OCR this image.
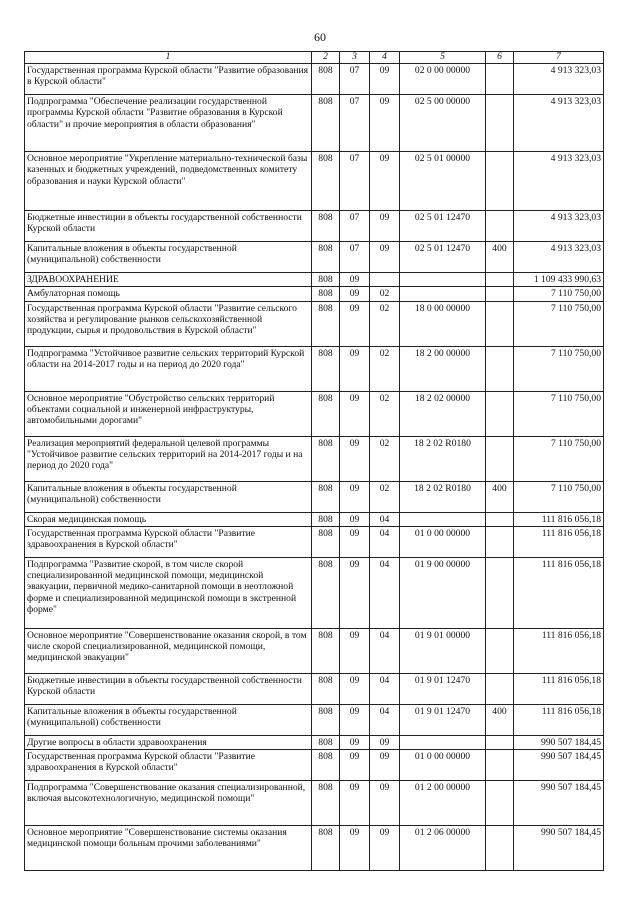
60
1	2	3	4	5	6	7
Государственная программа Курской области "Развитие образования в Курской области"	808	07	09	02 0 00 00000		4 913 323,03
Подпрограмма "Обеспечение реализации государственной программы Курской области "Развитие образования в Курской области" и прочие мероприятия в области образования"	808	07	09	02 5 00 00000		4 913 323,03
Основное мероприятие "Укрепление материально-технической базы казенных и бюджетных учреждений, подведомственных комитету образования и науки Курской области"	808	07	09	02 5 01 00000		4 913 323,03
Бюджетные инвестиции в объекты государственной собственности Курской области	808	07	09	02 5 01 12470		4 913 323,03
Капитальные вложения в объекты государственной (муниципальной) собственности	808	07	09	02 5 01 12470	400	4 913 323,03
ЗДРАВООХРАНЕНИЕ	808	09				1 109 433 990,63
Амбулаторная помощь	808	09	02			7 110 750,00
Государственная программа Курской области "Развитие сельского хозяйства и регулирование рынков сельскохозяйственной продукции, сырья и продовольствия в Курской области"	808	09	02	18 0 00 00000		7 110 750,00
Подпрограмма "Устойчивое развитие сельских территорий Курской области на 2014-2017 годы и на период до 2020 года"	808	09	02	18 2 00 00000		7 110 750,00
Основное мероприятие "Обустройство сельских территорий объектами социальной и инженерной инфраструктуры, автомобильными дорогами"	808	09	02	18 2 02 00000		7 110 750,00
Реализация мероприятий федеральной целевой программы "Устойчивое развитие сельских территорий на 2014-2017 годы и на период до 2020 года"	808	09	02	18 2 02 R0180		7 110 750,00
Капитальные вложения в объекты государственной (муниципальной) собственности	808	09	02	18 2 02 R0180	400	7 110 750,00
Скорая медицинская помощь	808	09	04			111 816 056,18
Государственная программа Курской области "Развитие здравоохранения в Курской области"	808	09	04	01 0 00 00000		111 816 056,18
Подпрограмма "Развитие скорой, в том числе скорой специализированной медицинской помощи, медицинской эвакуации, первичной медико-санитарной помощи в неотложной форме и специализированной медицинской помощи в экстренной форме"	808	09	04	01 9 00 00000		111 816 056,18
Основное мероприятие "Совершенствование оказания скорой, в том числе скорой специализированной, медицинской помощи, медицинской эвакуации"	808	09	04	01 9 01 00000		111 816 056,18
Бюджетные инвестиции в объекты государственной собственности Курской области	808	09	04	01 9 01 12470		111 816 056,18
Капитальные вложения в объекты государственной (муниципальной) собственности	808	09	04	01 9 01 12470	400	111 816 056,18
Другие вопросы в области здравоохранения	808	09	09			990 507 184,45
Государственная программа Курской области "Развитие здравоохранения в Курской области"	808	09	09	01 0 00 00000		990 507 184,45
Подпрограмма "Совершенствование оказания специализированной, включая высокотехнологичную, медицинской помощи"	808	09	09	01 2 00 00000		990 507 184,45
Основное мероприятие "Совершенствование системы оказания медицинской помощи больным прочими заболеваниями"	808	09	09	01 2 06 00000		990 507 184,45
